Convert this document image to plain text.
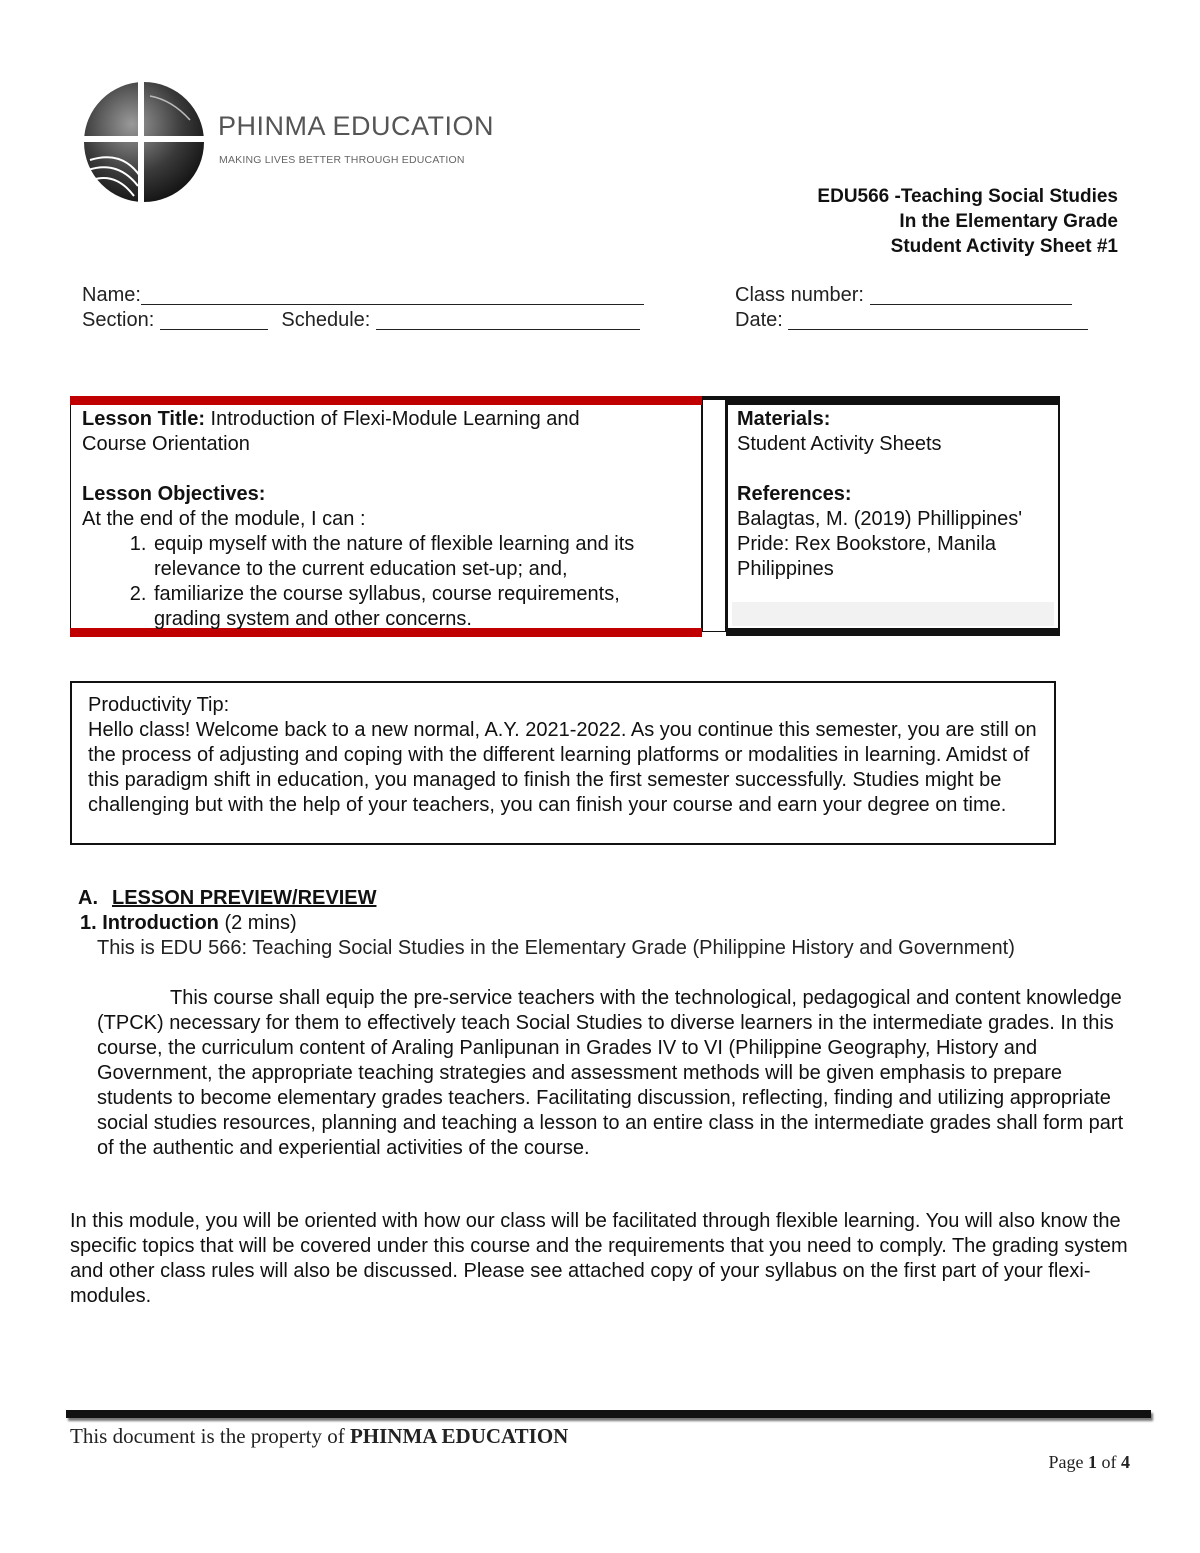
PHINMA EDUCATION
MAKING LIVES BETTER THROUGH EDUCATION
EDU566 -Teaching Social Studies
In the Elementary Grade
Student Activity Sheet #1
Name:
Section:	Schedule:
Class number:
Date:
Lesson Title: Introduction of Flexi-Module Learning and
Course Orientation
Lesson Objectives:
At the end of the module, I can :
1. equip myself with the nature of flexible learning and its relevance to the current education set-up; and,
2. familiarize the course syllabus, course requirements, grading system and other concerns.
Materials:
Student Activity Sheets
References:
Balagtas, M. (2019) Phillippines' Pride: Rex Bookstore, Manila Philippines
Productivity Tip:
Hello class! Welcome back to a new normal, A.Y. 2021-2022. As you continue this semester, you are still on the process of adjusting and coping with the different learning platforms or modalities in learning. Amidst of this paradigm shift in education, you managed to finish the first semester successfully. Studies might be challenging but with the help of your teachers, you can finish your course and earn your degree on time.
A. LESSON PREVIEW/REVIEW
1. Introduction (2 mins)
This is EDU 566: Teaching Social Studies in the Elementary Grade (Philippine History and Government)
This course shall equip the pre-service teachers with the technological, pedagogical and content knowledge (TPCK) necessary for them to effectively teach Social Studies to diverse learners in the intermediate grades. In this course, the curriculum content of Araling Panlipunan in Grades IV to VI (Philippine Geography, History and Government, the appropriate teaching strategies and assessment methods will be given emphasis to prepare students to become elementary grades teachers. Facilitating discussion, reflecting, finding and utilizing appropriate social studies resources, planning and teaching a lesson to an entire class in the intermediate grades shall form part of the authentic and experiential activities of the course.
In this module, you will be oriented with how our class will be facilitated through flexible learning. You will also know the specific topics that will be covered under this course and the requirements that you need to comply. The grading system and other class rules will also be discussed. Please see attached copy of your syllabus on the first part of your flexi-modules.
This document is the property of PHINMA EDUCATION
Page 1 of 4
